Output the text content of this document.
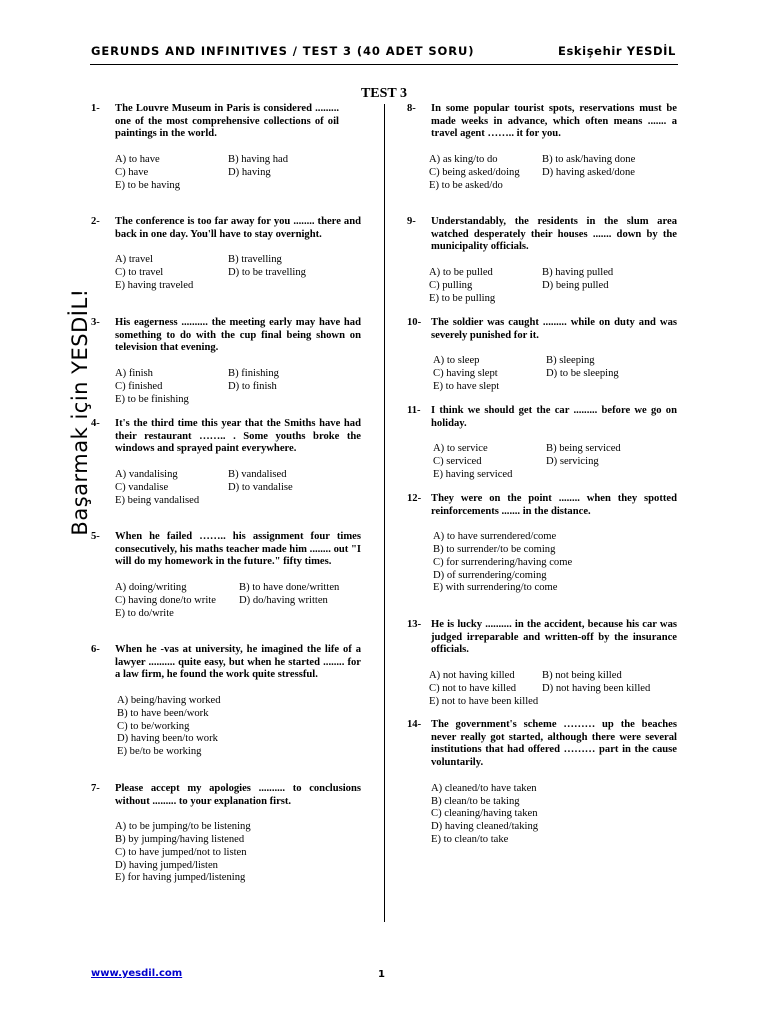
GERUNDS AND INFINITIVES / TEST 3 (40 ADET SORU)	Eskişehir YESDİL
TEST 3
Başarmak için YESDİL!
1-	The Louvre Museum in Paris is considered ......... one of the most comprehensive collections of oil paintings in the world.
A) to have	B) having had
C) have	D) having
E) to be having
2-	The conference is too far away for you ........ there and back in one day. You'll have to stay overnight.
A) travel	B) travelling
C) to travel	D) to be travelling
E) having traveled
3-	His eagerness .......... the meeting early may have had something to do with the cup final being shown on television that evening.
A) finish	B) finishing
C) finished	D) to finish
E) to be finishing
4-	It's the third time this year that the Smiths have had their restaurant …….. . Some youths broke the windows and sprayed paint everywhere.
A) vandalising	B) vandalised
C) vandalise	D) to vandalise
E) being vandalised
5-	When he failed …….. his assignment four times consecutively, his maths teacher made him ........ out "I will do my homework in the future." fifty times.
A) doing/writing	B) to have done/written
C) having done/to write	D) do/having written
E) to do/write
6-	When he -vas at university, he imagined the life of a lawyer .......... quite easy, but when he started ........ for a law firm, he found the work quite stressful.
A) being/having worked
B) to have been/work
C) to be/working
D) having been/to work
E) be/to be working
7-	Please accept my apologies .......... to conclusions without ......... to your explanation first.
A) to be jumping/to be listening
B) by jumping/having listened
C) to have jumped/not to listen
D) having jumped/listen
E) for having jumped/listening
8-	In some popular tourist spots, reservations must be made weeks in advance, which often means ....... a travel agent …….. it for you.
A) as king/to do	B) to ask/having done
C) being asked/doing	D) having asked/done
E) to be asked/do
9-	Understandably, the residents in the slum area watched desperately their houses ....... down by the municipality officials.
A) to be pulled	B) having pulled
C) pulling	D) being pulled
E) to be pulling
10- The soldier was caught ......... while on duty and was severely punished for it.
A) to sleep	B) sleeping
C) having slept	D) to be sleeping
E) to have slept
11- I think we should get the car ......... before we go on holiday.
A) to service	B) being serviced
C) serviced	D) servicing
E) having serviced
12- They were on the point ........ when they spotted reinforcements ....... in the distance.
A) to have surrendered/come
B) to surrender/to be coming
C) for surrendering/having come
D) of surrendering/coming
E) with surrendering/to come
13- He is lucky .......... in the accident, because his car was judged irreparable and written-off by the insurance officials.
A) not having killed	B) not being killed
C) not to have killed	D) not having been killed
E) not to have been killed
14- The government's scheme ……… up the beaches never really got started, although there were several institutions that had offered ……… part in the cause voluntarily.
A) cleaned/to have taken
B) clean/to be taking
C) cleaning/having taken
D) having cleaned/taking
E) to clean/to take
www.yesdil.com	1
